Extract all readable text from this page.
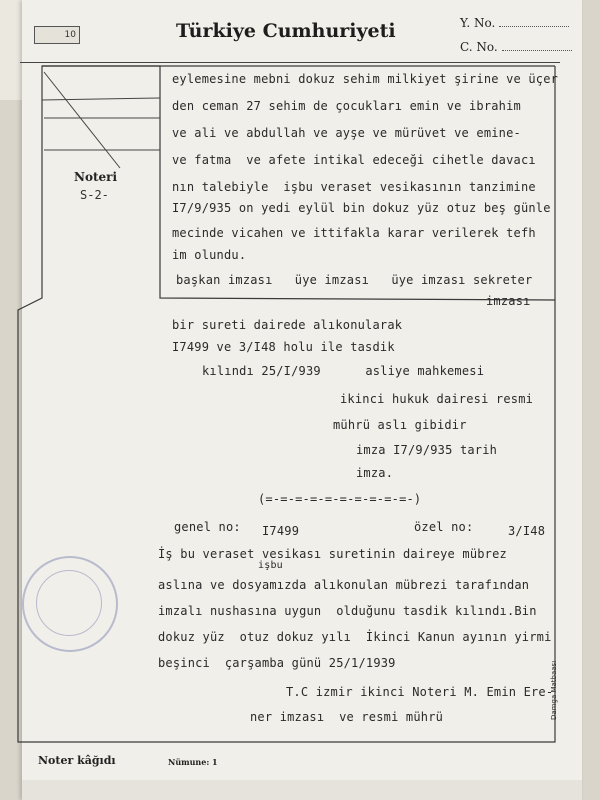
10	Türkiye Cumhuriyeti	Y. No.
C. No.
Noteri
S-2-
eylemesine mebni dokuz sehim milkiyet şirine ve üçer
den ceman 27 sehim de çocukları emin ve ibrahim
ve ali ve abdullah ve ayşe ve mürüvet ve emine-
ve fatma  ve afete intikal edeceği cihetle davacı
nın talebiyle  işbu veraset vesikasının tanzimine
I7/9/935 on yedi eylül bin dokuz yüz otuz beş günle
mecinde vicahen ve ittifakla karar verilerek tefh
im olundu.
başkan imzası   üye imzası   üye imzası sekreter
imzası
bir sureti dairede alıkonularak
I7499 ve 3/I48 holu ile tasdik
kılındı 25/I/939      asliye mahkemesi
ikinci hukuk dairesi resmi
mührü aslı gibidir
imza I7/9/935 tarih
imza.
(=-=-=-=-=-=-=-=-=-=-)
genel no: I7499	özel no:	3/I48
İş bu veraset vesikası suretinin daireye mübrez
işbu
aslına ve dosyamızda alıkonulan mübrezi tarafından
imzalı nushasına uygun  olduğunu tasdik kılındı.Bin
dokuz yüz  otuz dokuz yılı  İkinci Kanun ayının yirmi
beşinci  çarşamba günü 25/1/1939
T.C izmir ikinci Noteri M. Emin Ere-
ner imzası  ve resmi mührü
Noter kâğıdı	Nümune: 1
Damga Matbaası
